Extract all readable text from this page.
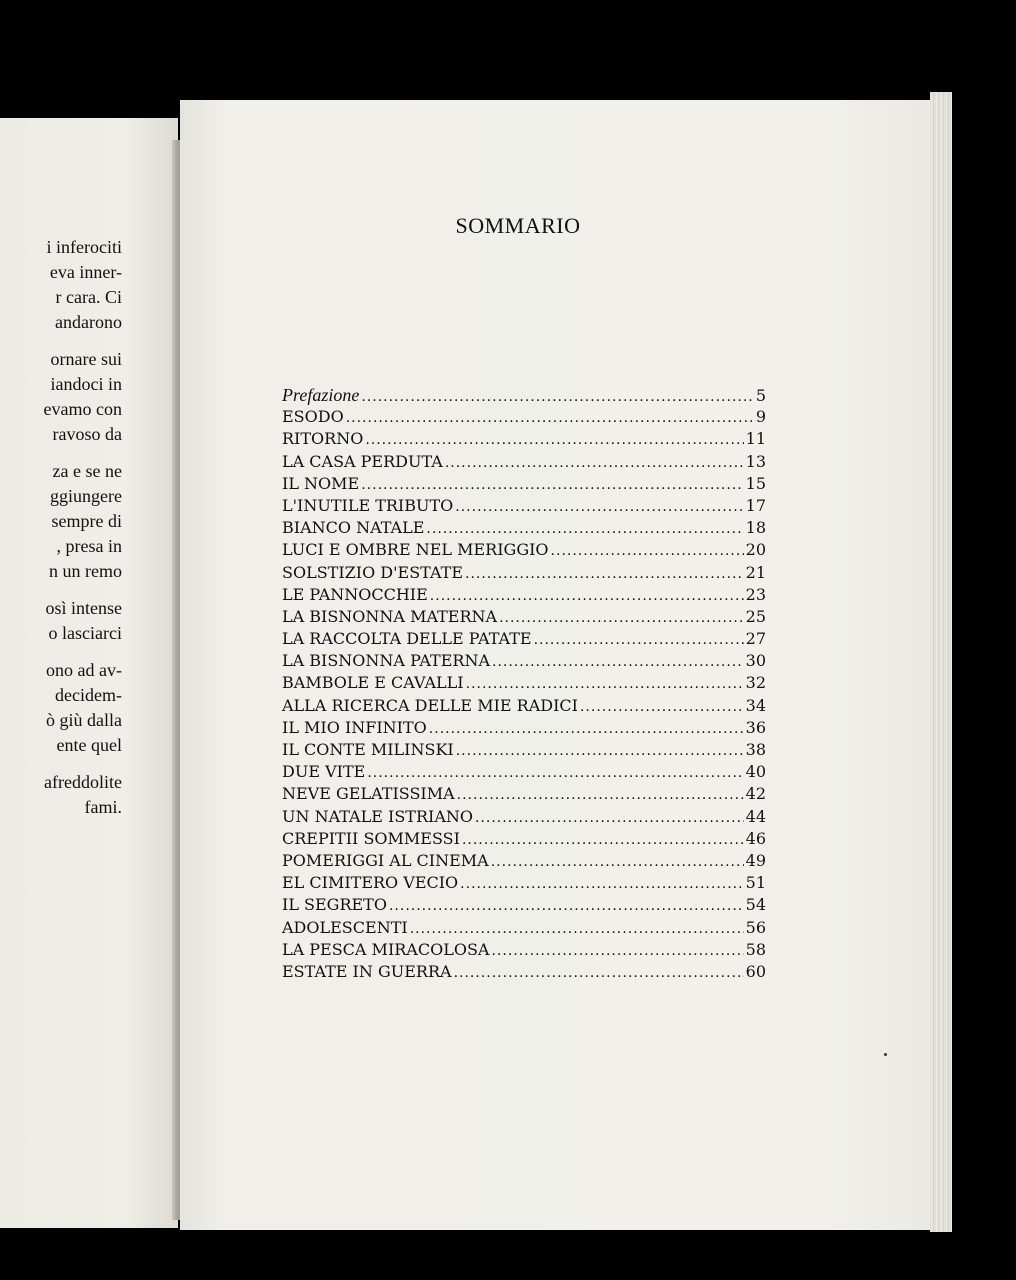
i inferociti
eva inner-
r cara. Ci
andarono
ornare sui
iandoci in
evamo con
ravoso da
za e se ne
ggiungere
sempre di
, presa in
n un remo
osì intense
o lasciarci
ono ad av-
decidem-
ò giù dalla
ente quel
afreddolite
fami.
SOMMARIO
Prefazione .....	5
ESODO .....	9
RITORNO .....	11
LA CASA PERDUTA .....	13
IL NOME .....	15
L'INUTILE TRIBUTO .....	17
BIANCO NATALE .....	18
LUCI E OMBRE NEL MERIGGIO .....	20
SOLSTIZIO D'ESTATE .....	21
LE PANNOCCHIE .....	23
LA BISNONNA MATERNA .....	25
LA RACCOLTA DELLE PATATE .....	27
LA BISNONNA PATERNA .....	30
BAMBOLE E CAVALLI .....	32
ALLA RICERCA DELLE MIE RADICI .....	34
IL MIO INFINITO .....	36
IL CONTE MILINSKI .....	38
DUE VITE .....	40
NEVE GELATISSIMA .....	42
UN NATALE ISTRIANO .....	44
CREPITII SOMMESSI .....	46
POMERIGGI AL CINEMA .....	49
EL CIMITERO VECIO .....	51
IL SEGRETO .....	54
ADOLESCENTI .....	56
LA PESCA MIRACOLOSA .....	58
ESTATE IN GUERRA .....	60
